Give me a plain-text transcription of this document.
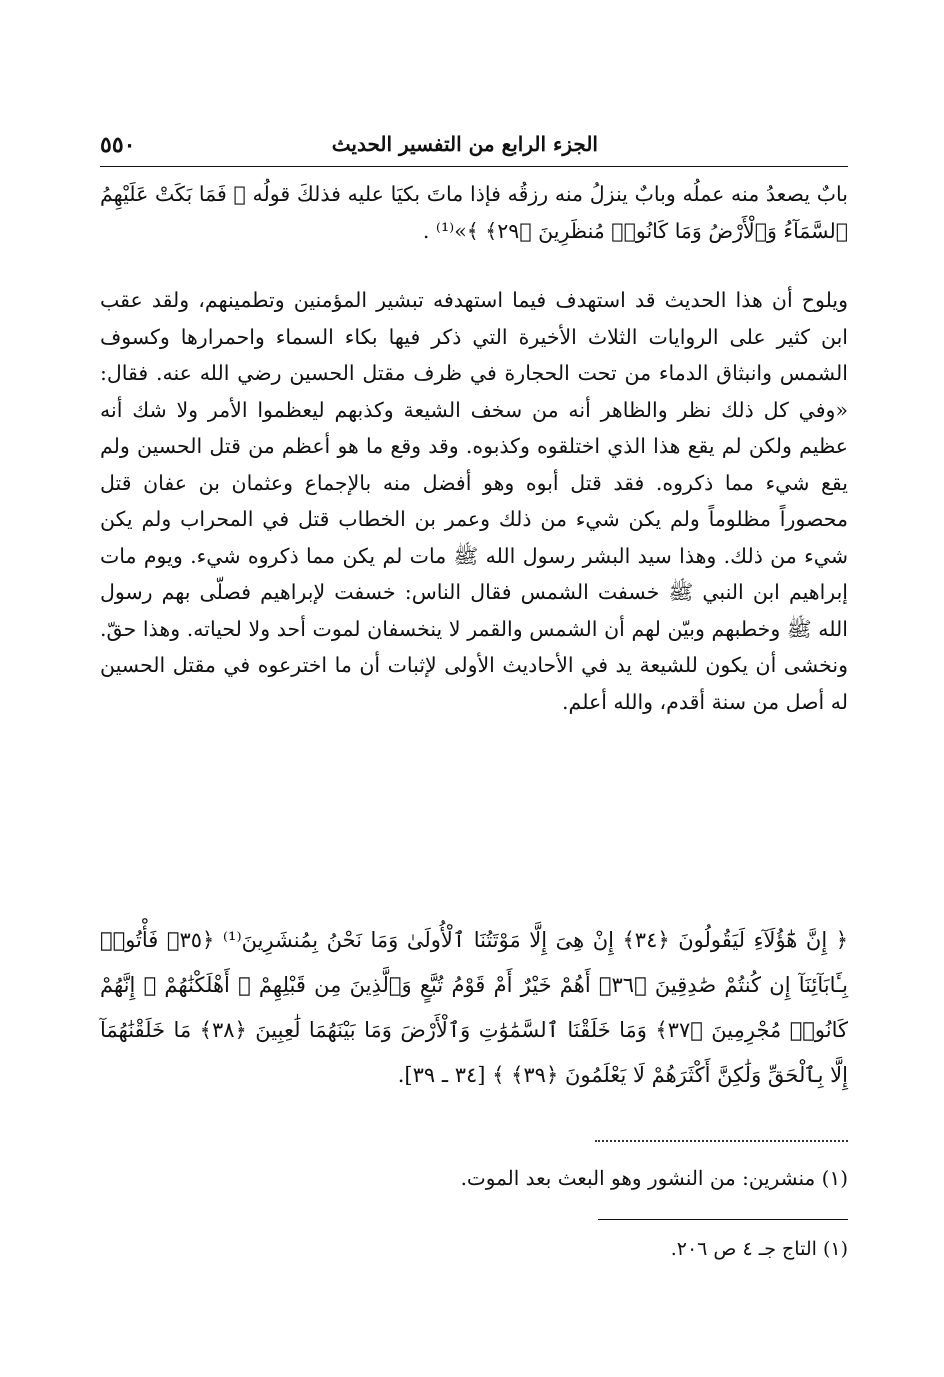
الجزء الرابع من التفسير الحديث
٥٥٠
بابٌ يصعدُ منه عملُه وبابٌ ينزلُ منه رزقُه فإذا ماتَ بكيَا عليه فذلكَ قولُه ﴿ فَمَا بَكَتْ عَلَيْهِمُ ٱلسَّمَآءُ وَٱلْأَرْضُ وَمَا كَانُوا۟ مُنظَرِينَ ﴿٢٩﴾ ﴾»⁽¹⁾ .
ويلوح أن هذا الحديث قد استهدف فيما استهدفه تبشير المؤمنين وتطمينهم، ولقد عقب ابن كثير على الروايات الثلاث الأخيرة التي ذكر فيها بكاء السماء واحمرارها وكسوف الشمس وانبثاق الدماء من تحت الحجارة في ظرف مقتل الحسين رضي الله عنه. فقال: «وفي كل ذلك نظر والظاهر أنه من سخف الشيعة وكذبهم ليعظموا الأمر ولا شك أنه عظيم ولكن لم يقع هذا الذي اختلقوه وكذبوه. وقد وقع ما هو أعظم من قتل الحسين ولم يقع شيء مما ذكروه. فقد قتل أبوه وهو أفضل منه بالإجماع وعثمان بن عفان قتل محصوراً مظلوماً ولم يكن شيء من ذلك وعمر بن الخطاب قتل في المحراب ولم يكن شيء من ذلك. وهذا سيد البشر رسول الله ﷺ مات لم يكن مما ذكروه شيء. ويوم مات إبراهيم ابن النبي ﷺ خسفت الشمس فقال الناس: خسفت لإبراهيم فصلّى بهم رسول الله ﷺ وخطبهم وبيّن لهم أن الشمس والقمر لا ينخسفان لموت أحد ولا لحياته. وهذا حقّ. ونخشى أن يكون للشيعة يد في الأحاديث الأولى لإثبات أن ما اخترعوه في مقتل الحسين له أصل من سنة أقدم، والله أعلم.
﴿ إِنَّ هَٰٓؤُلَآءِ لَيَقُولُونَ ﴿٣٤﴾ إِنْ هِىَ إِلَّا مَوْتَتُنَا ٱلْأُولَىٰ وَمَا نَحْنُ بِمُنشَرِينَ⁽¹⁾ ﴿٣٥﴾ فَأْتُوا۟ بِـَٔابَآئِنَآ إِن كُنتُمْ صَٰدِقِينَ ﴿٣٦﴾ أَهُمْ خَيْرٌ أَمْ قَوْمُ تُبَّعٍ وَٱلَّذِينَ مِن قَبْلِهِمْ ۚ أَهْلَكْنَٰهُمْ ۖ إِنَّهُمْ كَانُوا۟ مُجْرِمِينَ ﴿٣٧﴾ وَمَا خَلَقْنَا ٱلسَّمَٰوَٰتِ وَٱلْأَرْضَ وَمَا بَيْنَهُمَا لَٰعِبِينَ ﴿٣٨﴾ مَا خَلَقْنَٰهُمَآ إِلَّا بِٱلْحَقِّ وَلَٰكِنَّ أَكْثَرَهُمْ لَا يَعْلَمُونَ ﴿٣٩﴾ ﴾ [٣٤ ـ ٣٩].
(١) منشرين: من النشور وهو البعث بعد الموت.
(١) التاج جـ ٤ ص ٢٠٦.
